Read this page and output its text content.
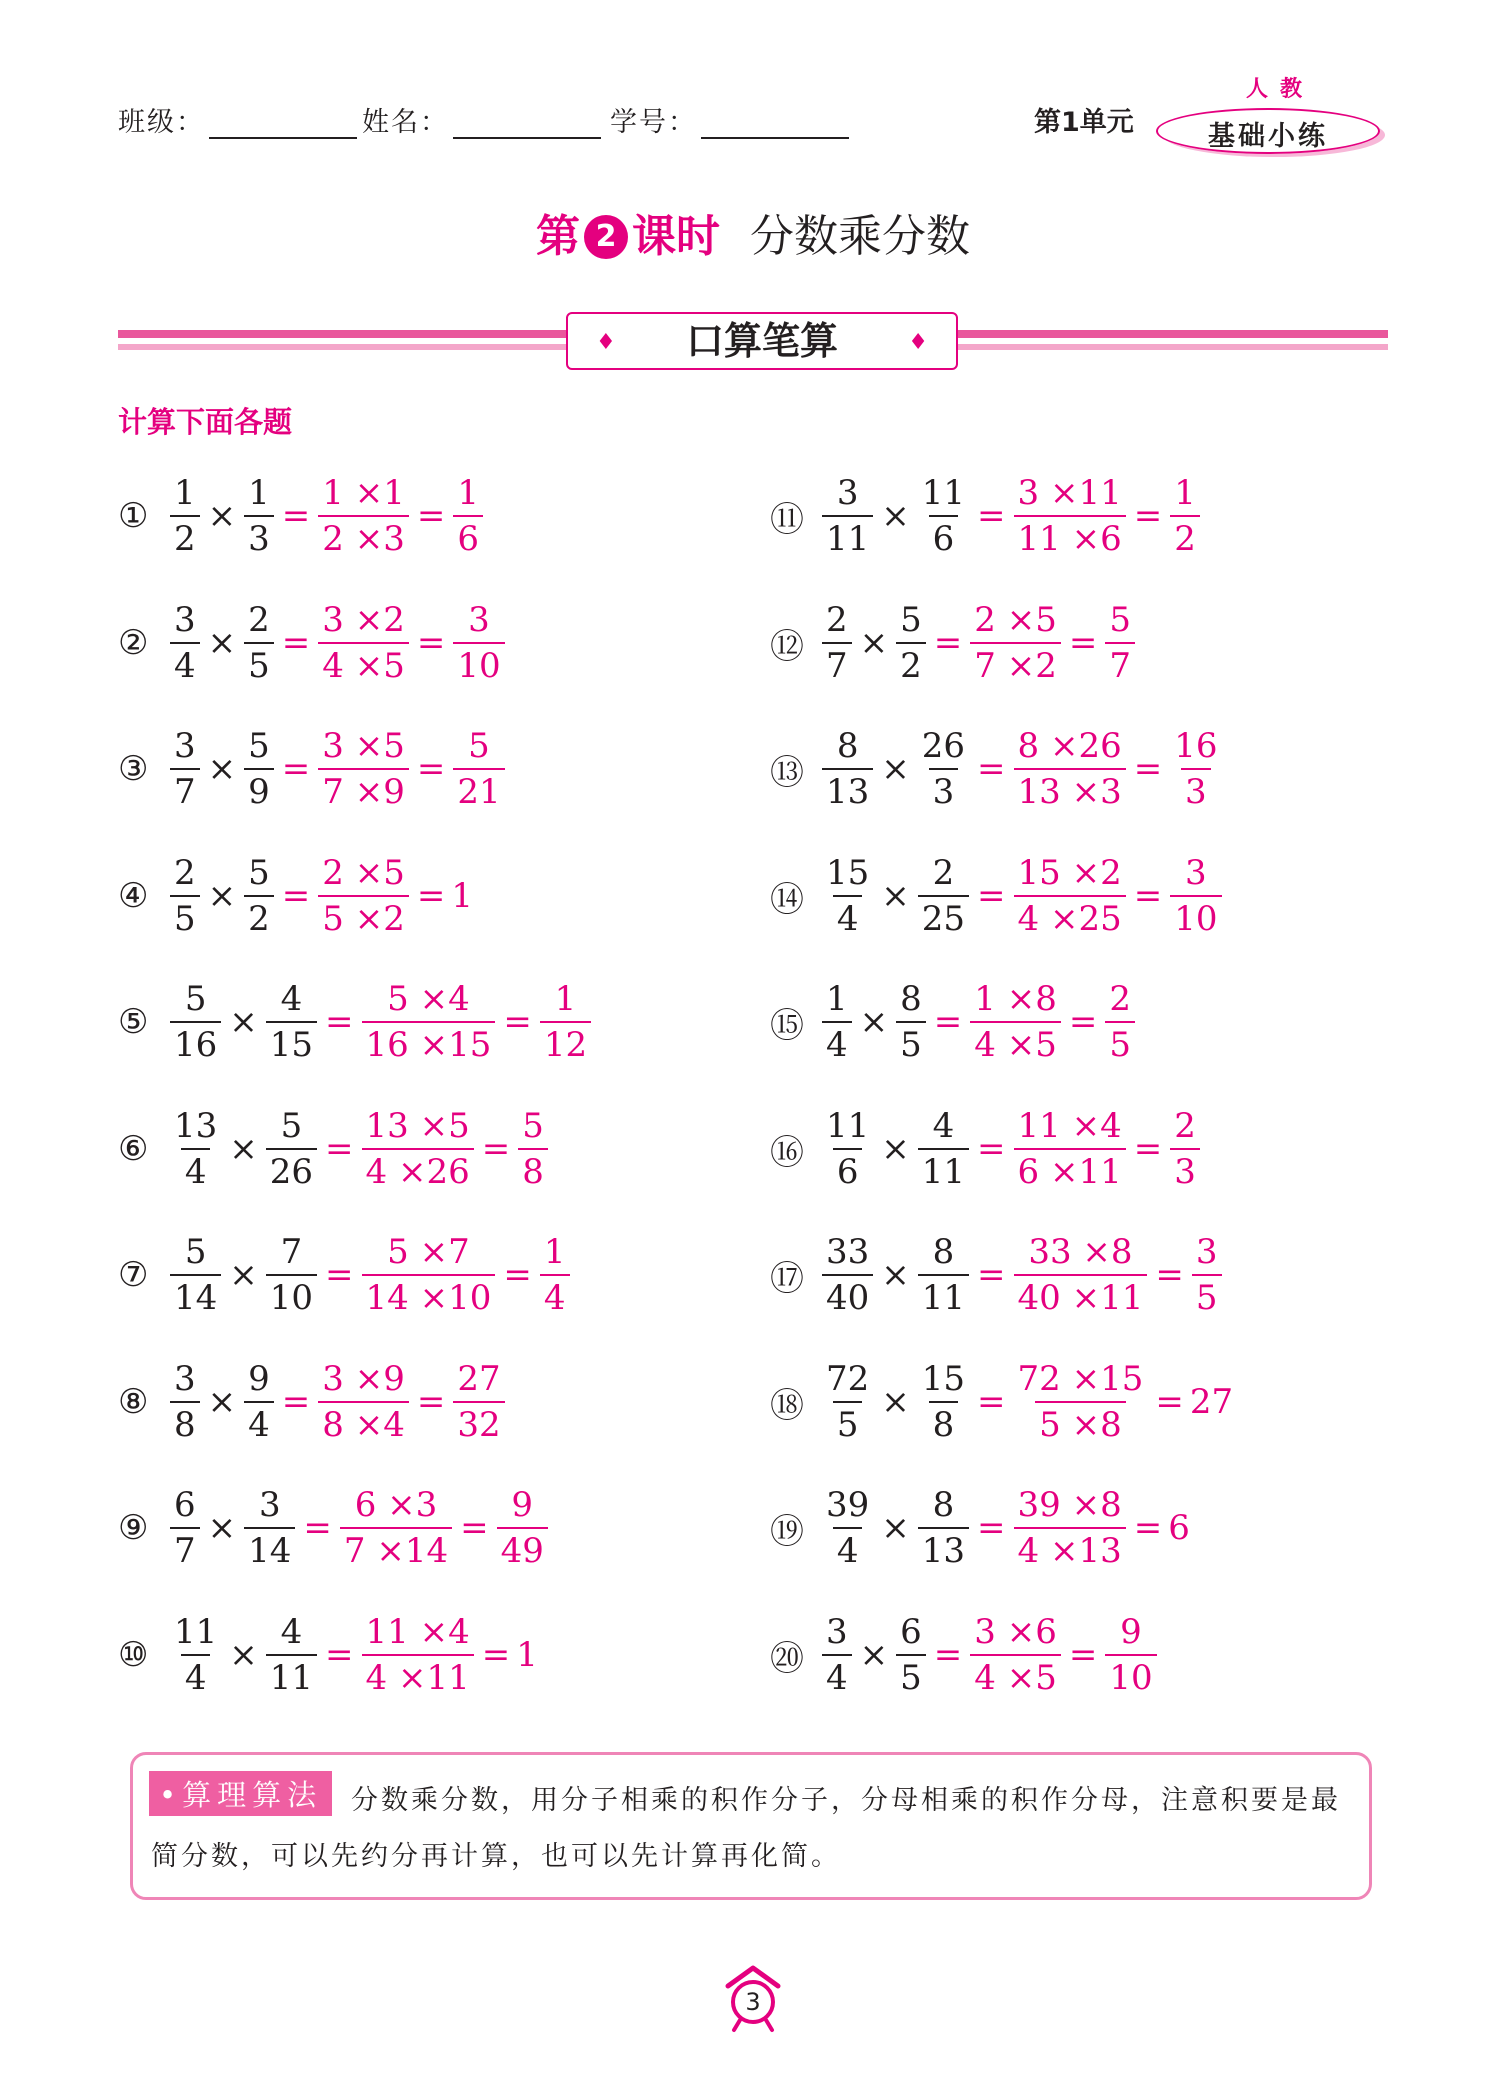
班级：	姓名：	学号：	第1单元
人教
基础小练
第 2 课时 分数乘分数
♦ 口算笔算	♦
计算下面各题
① $\frac{1}{2} \times \frac{1}{3} = \frac{1 \times 1}{2 \times 3} = \frac{1}{6}$
② $\frac{3}{4} \times \frac{2}{5} = \frac{3 \times 2}{4 \times 5} = \frac{3}{10}$
③ $\frac{3}{7} \times \frac{5}{9} = \frac{3 \times 5}{7 \times 9} = \frac{5}{21}$
④ $\frac{2}{5} \times \frac{5}{2} = \frac{2 \times 5}{5 \times 2} = 1$
⑤ $\frac{5}{16} \times \frac{4}{15} = \frac{5 \times 4}{16 \times 15} = \frac{1}{12}$
⑥ $\frac{13}{4} \times \frac{5}{26} = \frac{13 \times 5}{4 \times 26} = \frac{5}{8}$
⑦ $\frac{5}{14} \times \frac{7}{10} = \frac{5 \times 7}{14 \times 10} = \frac{1}{4}$
⑧ $\frac{3}{8} \times \frac{9}{4} = \frac{3 \times 9}{8 \times 4} = \frac{27}{32}$
⑨ $\frac{6}{7} \times \frac{3}{14} = \frac{6 \times 3}{7 \times 14} = \frac{9}{49}$
⑩ $\frac{11}{4} \times \frac{4}{11} = \frac{11 \times 4}{4 \times 11} = 1$
⑪ $\frac{3}{11} \times \frac{11}{6} = \frac{3 \times 11}{11 \times 6} = \frac{1}{2}$
⑫ $\frac{2}{7} \times \frac{5}{2} = \frac{2 \times 5}{7 \times 2} = \frac{5}{7}$
⑬ $\frac{8}{13} \times \frac{26}{3} = \frac{8 \times 26}{13 \times 3} = \frac{16}{3}$
⑭ $\frac{15}{4} \times \frac{2}{25} = \frac{15 \times 2}{4 \times 25} = \frac{3}{10}$
⑮ $\frac{1}{4} \times \frac{8}{5} = \frac{1 \times 8}{4 \times 5} = \frac{2}{5}$
⑯ $\frac{11}{6} \times \frac{4}{11} = \frac{11 \times 4}{6 \times 11} = \frac{2}{3}$
⑰ $\frac{33}{40} \times \frac{8}{11} = \frac{33 \times 8}{40 \times 11} = \frac{3}{5}$
⑱ $\frac{72}{5} \times \frac{15}{8} = \frac{72 \times 15}{5 \times 8} = 27$
⑲ $\frac{39}{4} \times \frac{8}{13} = \frac{39 \times 8}{4 \times 13} = 6$
⑳ $\frac{3}{4} \times \frac{6}{5} = \frac{3 \times 6}{4 \times 5} = \frac{9}{10}$
分数乘分数，用分子相乘的积作分子，分母相乘的积作分母，注意积要是最简分数，可以先约分再计算，也可以先计算再化简。
•算理算法
3
